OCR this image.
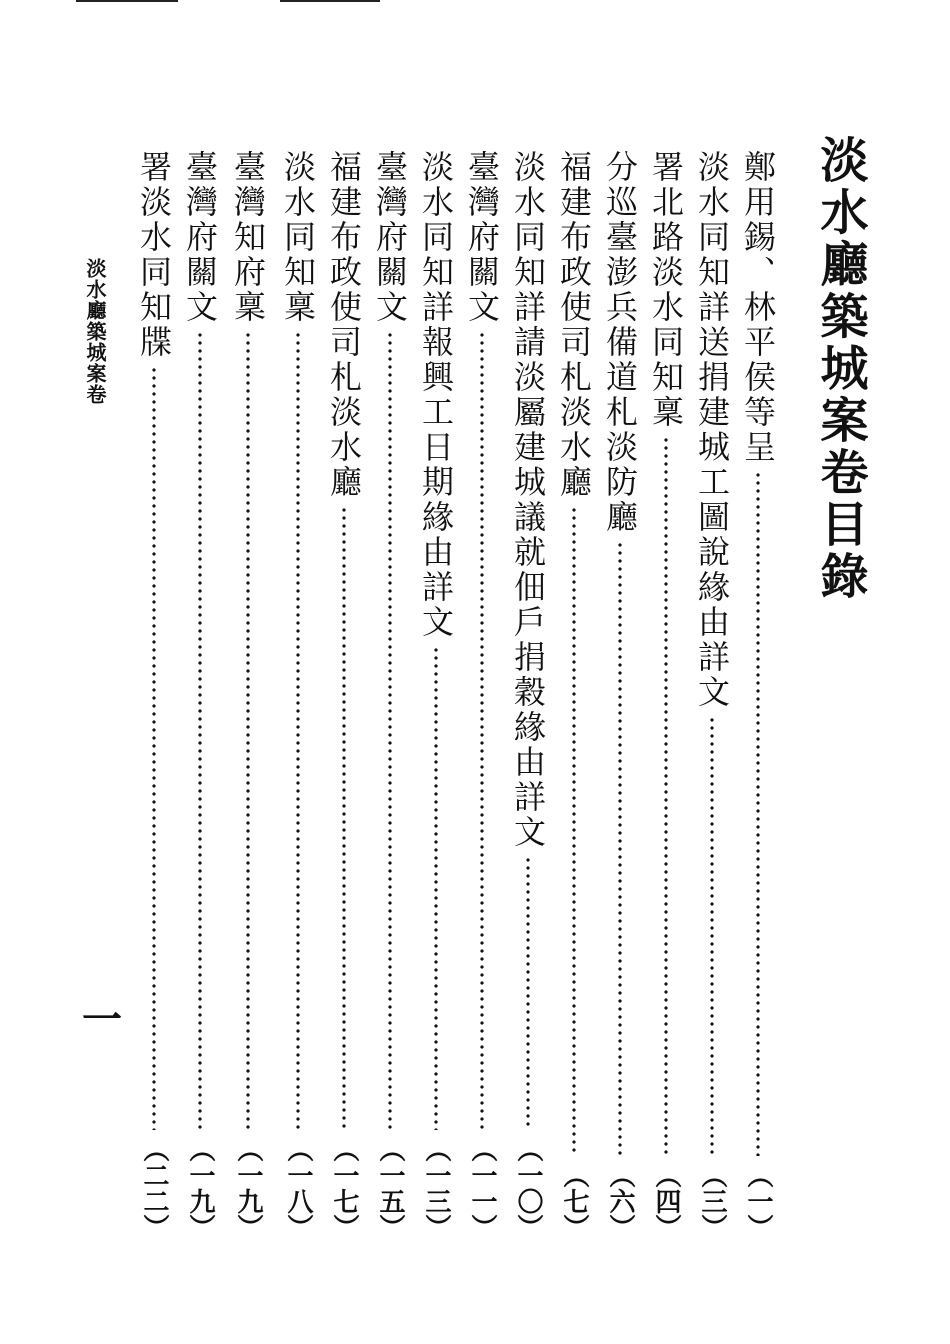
淡水廳築城案卷目錄
鄭用錫、林平侯等呈
（一）
淡水同知詳送捐建城工圖說緣由詳文
（三）
署北路淡水同知稟
（四）
分巡臺澎兵備道札淡防廳
（六）
福建布政使司札淡水廳
（七）
淡水同知詳請淡屬建城議就佃戶捐穀緣由詳文
（一〇）
臺灣府關文
（一一）
淡水同知詳報興工日期緣由詳文
（一三）
臺灣府關文
（一五）
福建布政使司札淡水廳
（一七）
淡水同知稟
（一八）
臺灣知府稟
（一九）
臺灣府關文
（一九）
署淡水同知牒
（二二）
淡水廳築城案卷
一
